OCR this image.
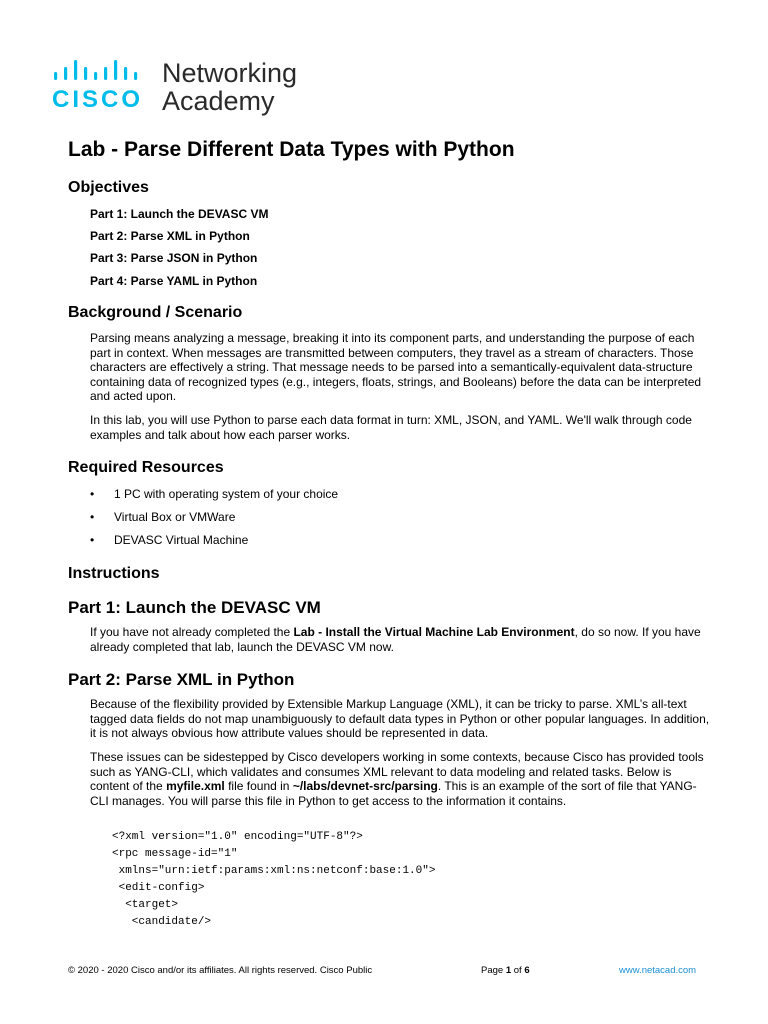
CISCO
Networking
Academy
Lab - Parse Different Data Types with Python
Objectives
Part 1: Launch the DEVASC VM
Part 2: Parse XML in Python
Part 3: Parse JSON in Python
Part 4: Parse YAML in Python
Background / Scenario

Parsing means analyzing a message, breaking it into its component parts, and understanding the purpose of each part in context. When messages are transmitted between computers, they travel as a stream of characters. Those characters are effectively a string. That message needs to be parsed into a semantically-equivalent data-structure containing data of recognized types (e.g., integers, floats, strings, and Booleans) before the data can be interpreted and acted upon.

In this lab, you will use Python to parse each data format in turn: XML, JSON, and YAML. We'll walk through code examples and talk about how each parser works.

Required Resources
• 1 PC with operating system of your choice
• Virtual Box or VMWare
• DEVASC Virtual Machine
Instructions
Part 1: Launch the DEVASC VM

If you have not already completed the Lab - Install the Virtual Machine Lab Environment, do so now. If you have already completed that lab, launch the DEVASC VM now.

Part 2: Parse XML in Python

Because of the flexibility provided by Extensible Markup Language (XML), it can be tricky to parse. XML’s all-text tagged data fields do not map unambiguously to default data types in Python or other popular languages. In addition, it is not always obvious how attribute values should be represented in data.

These issues can be sidestepped by Cisco developers working in some contexts, because Cisco has provided tools such as YANG-CLI, which validates and consumes XML relevant to data modeling and related tasks. Below is content of the myfile.xml file found in ~/labs/devnet-src/parsing. This is an example of the sort of file that YANG-CLI manages. You will parse this file in Python to get access to the information it contains.

<?xml version="1.0" encoding="UTF-8"?>
<rpc message-id="1"
xmlns="urn:ietf:params:xml:ns:netconf:base:1.0">
<edit-config>
<target>
<candidate/>
© 2020 - 2020 Cisco and/or its affiliates. All rights reserved. Cisco Public	Page 1 of 6	www.netacad.com
